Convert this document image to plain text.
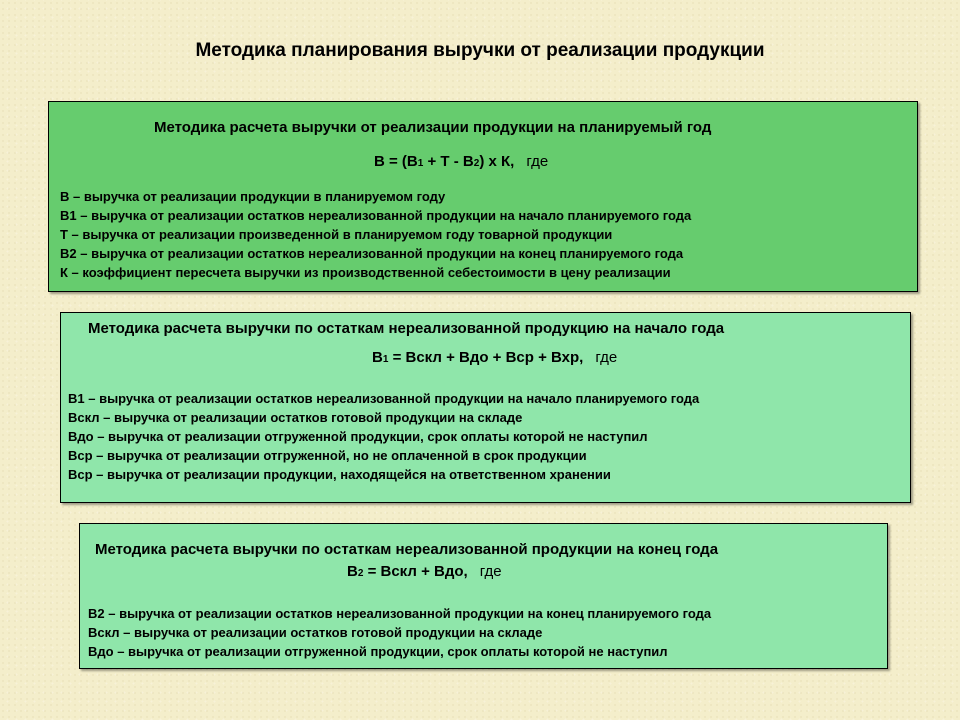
Методика планирования выручки от реализации продукции
Методика расчета выручки от реализации продукции на планируемый год
В = (В1 + Т - В2) х К, где
В – выручка от реализации продукции в планируемом году
В1 – выручка от реализации остатков нереализованной продукции на начало планируемого года
Т – выручка от реализации произведенной в планируемом году товарной продукции
В2 – выручка от реализации остатков нереализованной продукции на конец планируемого года
К – коэффициент пересчета выручки из производственной себестоимости в цену реализации
Методика расчета выручки по остаткам нереализованной продукцию на начало года
В1 = Вскл + Вдо + Вср + Вхр, где
В1 – выручка от реализации остатков нереализованной продукции на начало планируемого года
Вскл – выручка от реализации остатков готовой продукции на складе
Вдо – выручка от реализации отгруженной продукции, срок оплаты которой не наступил
Вср – выручка от реализации отгруженной, но не оплаченной в срок продукции
Вср – выручка от реализации продукции, находящейся на ответственном хранении
Методика расчета выручки по остаткам нереализованной продукции на конец года
В2 = Вскл + Вдо, где
В2 – выручка от реализации остатков нереализованной продукции на конец планируемого года
Вскл – выручка от реализации остатков готовой продукции на складе
Вдо – выручка от реализации отгруженной продукции, срок оплаты которой не наступил
